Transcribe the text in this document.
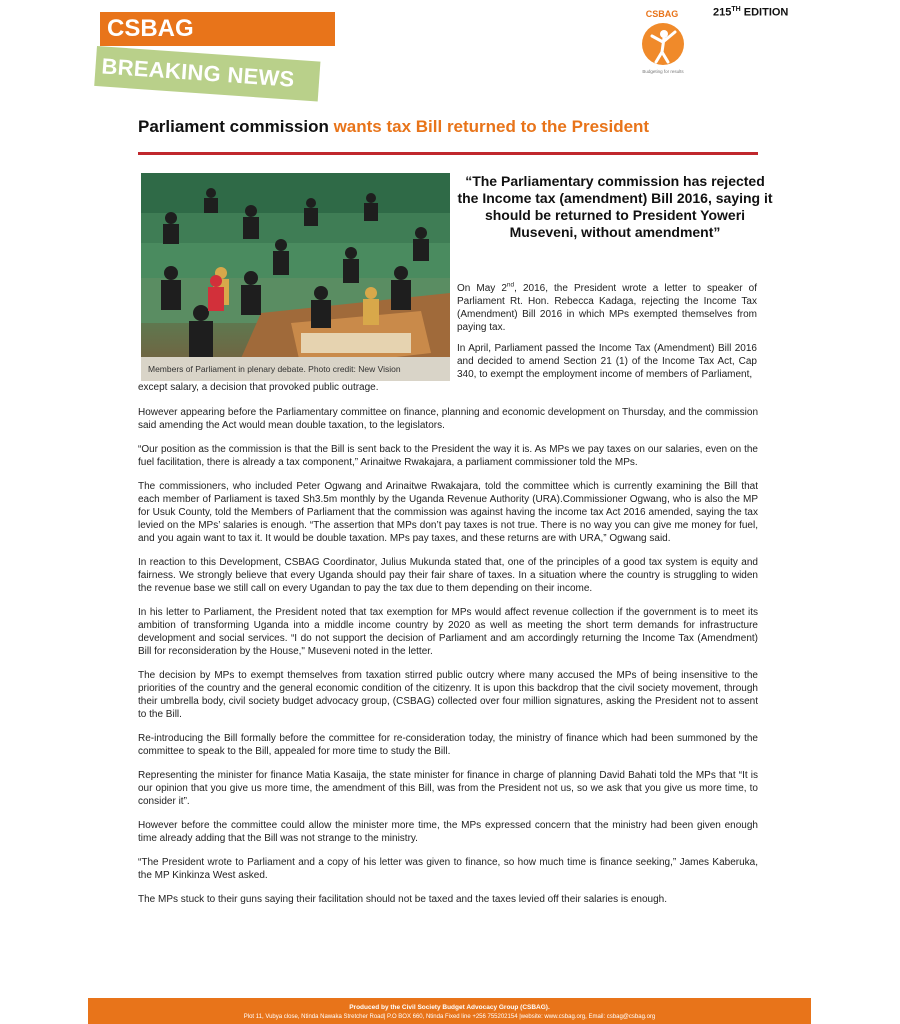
CSBAG
BREAKING NEWS
CSBAG
Budgeting for results
215TH EDITION
Parliament commission wants tax Bill returned to the President
Members of Parliament in plenary debate. Photo credit: New Vision
“The Parliamentary commission has rejected the Income tax (amendment) Bill 2016, saying it should be returned to President Yoweri Museveni, without amendment”

On May 2nd, 2016, the President wrote a letter to speaker of Parliament Rt. Hon. Rebecca Kadaga, rejecting the Income Tax (Amendment) Bill 2016 in which MPs exempted themselves from paying tax.

In April, Parliament passed the Income Tax (Amendment) Bill 2016 and decided to amend Section 21 (1) of the Income Tax Act, Cap 340, to exempt the employment income of members of Parliament,

except salary, a decision that provoked public outrage.

However appearing before the Parliamentary committee on finance, planning and economic development on Thursday, and the commission said amending the Act would mean double taxation, to the legislators.

“Our position as the commission is that the Bill is sent back to the President the way it is. As MPs we pay taxes on our salaries, even on the fuel facilitation, there is already a tax component,” Arinaitwe Rwakajara, a parliament commissioner told the MPs.

The commissioners, who included Peter Ogwang and Arinaitwe Rwakajara, told the committee which is currently examining the Bill that each member of Parliament is taxed Sh3.5m monthly by the Uganda Revenue Authority (URA).Commissioner Ogwang, who is also the MP for Usuk County, told the Members of Parliament that the commission was against having the income tax Act 2016 amended, saying the tax levied on the MPs’ salaries is enough. “The assertion that MPs don’t pay taxes is not true. There is no way you can give me money for fuel, and you again want to tax it. It would be double taxation. MPs pay taxes, and these returns are with URA,” Ogwang said.

In reaction to this Development, CSBAG Coordinator, Julius Mukunda stated that, one of the principles of a good tax system is equity and fairness. We strongly believe that every Uganda should pay their fair share of taxes. In a situation where the country is struggling to widen the revenue base we still call on every Ugandan to pay the tax due to them depending on their income.

In his letter to Parliament, the President noted that tax exemption for MPs would affect revenue collection if the government is to meet its ambition of transforming Uganda into a middle income country by 2020 as well as meeting the short term demands for infrastructure development and social services. “I do not support the decision of Parliament and am accordingly returning the Income Tax (Amendment) Bill for reconsideration by the House," Museveni noted in the letter.

The decision by MPs to exempt themselves from taxation stirred public outcry where many accused the MPs of being insensitive to the priorities of the country and the general economic condition of the citizenry. It is upon this backdrop that the civil society movement, through their umbrella body, civil society budget advocacy group, (CSBAG) collected over four million signatures, asking the President not to assent to the Bill.

Re-introducing the Bill formally before the committee for re-consideration today, the ministry of finance which had been summoned by the committee to speak to the Bill, appealed for more time to study the Bill.

Representing the minister for finance Matia Kasaija, the state minister for finance in charge of planning David Bahati told the MPs that “It is our opinion that you give us more time, the amendment of this Bill, was from the President not us, so we ask that you give us more time, to consider it”.

However before the committee could allow the minister more time, the MPs expressed concern that the ministry had been given enough time already adding that the Bill was not strange to the ministry.

“The President wrote to Parliament and a copy of his letter was given to finance, so how much time is finance seeking,” James Kaberuka, the MP Kinkinza West asked.

The MPs stuck to their guns saying their facilitation should not be taxed and the taxes levied off their salaries is enough.

Produced by the Civil Society Budget Advocacy Group (CSBAG).
Plot 11, Vubya close, Ntinda Nawaka Stretcher Road| P.O BOX 660, Ntinda Fixed line +256 755202154 |website: www.csbag.org, Email: csbag@csbag.org
